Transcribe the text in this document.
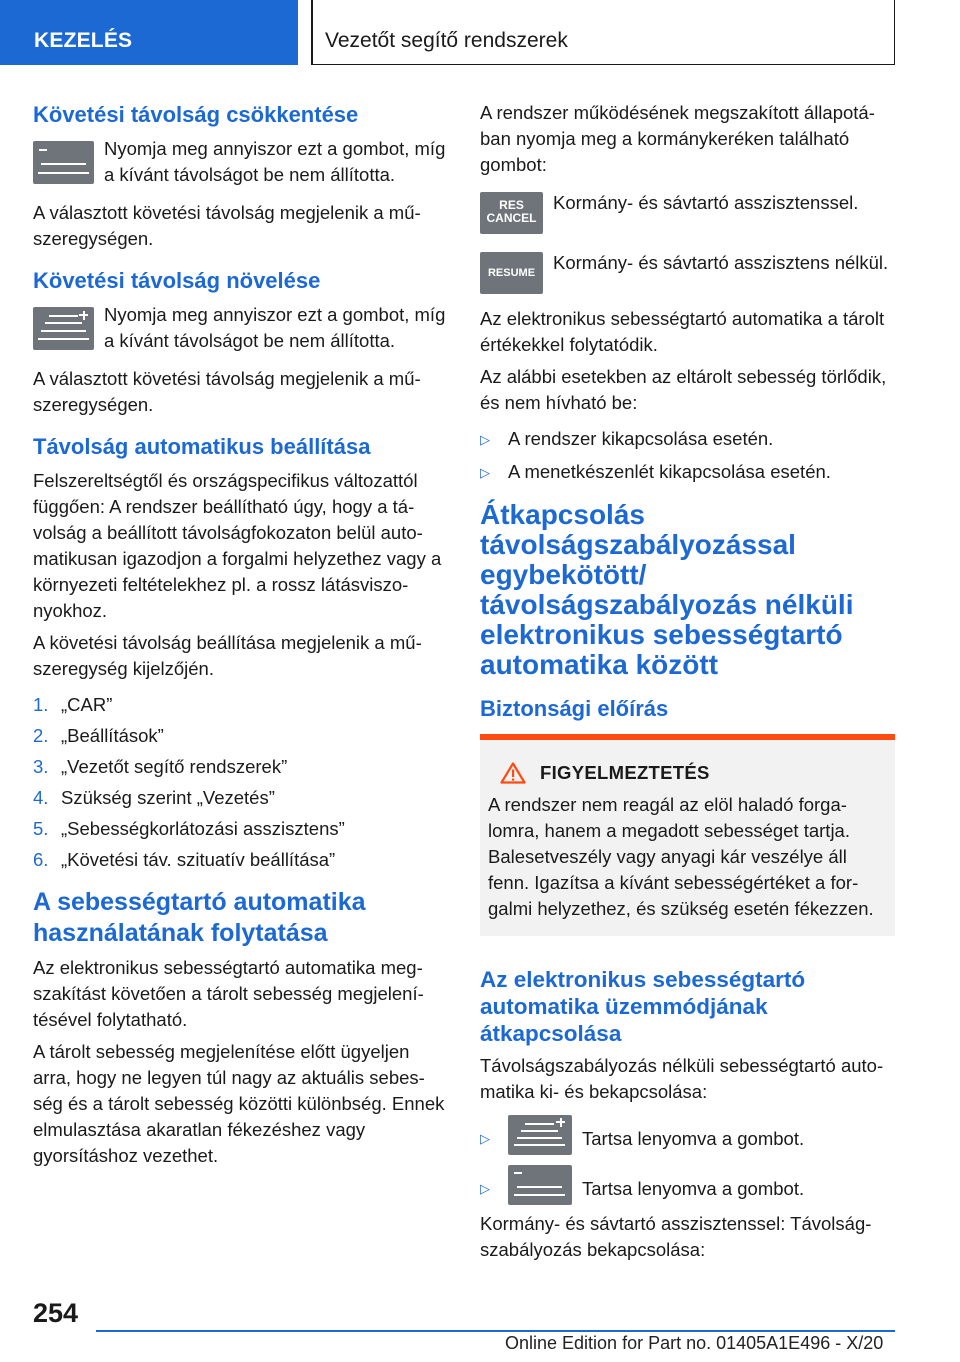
KEZELÉS	Vezetőt segítő rendszerek
Követési távolság csökkentése
Nyomja meg annyiszor ezt a gombot, míg a kívánt távolságot be nem állította.

A választott követési távolság megjelenik a műszeregységen.

Követési távolság növelése
Nyomja meg annyiszor ezt a gombot, míg a kívánt távolságot be nem állította.

A választott követési távolság megjelenik a műszeregységen.

Távolság automatikus beállítása

Felszereltségtől és országspecifikus változattól függően: A rendszer beállítható úgy, hogy a távolság a beállított távolságfokozaton belül automatikusan igazodjon a forgalmi helyzethez vagy a környezeti feltételekhez pl. a rossz látásviszonyokhoz.

A követési távolság beállítása megjelenik a műszeregység kijelzőjén.

1. „CAR”
2. „Beállítások”
3. „Vezetőt segítő rendszerek”
4. Szükség szerint „Vezetés”
5. „Sebességkorlátozási asszisztens”
6. „Követési táv. szituatív beállítása”
A sebességtartó automatika használatának folytatása

Az elektronikus sebességtartó automatika megszakítást követően a tárolt sebesség megjelenítésével folytatható.

A tárolt sebesség megjelenítése előtt ügyeljen arra, hogy ne legyen túl nagy az aktuális sebesség és a tárolt sebesség közötti különbség. Ennek elmulasztása akaratlan fékezéshez vagy gyorsításhoz vezethet.

A rendszer működésének megszakított állapotában nyomja meg a kormánykeréken található gombot:

RES
CANCEL
Kormány- és sávtartó asszisztenssel.
RESUME Kormány- és sávtartó asszisztens nélkül.

Az elektronikus sebességtartó automatika a tárolt értékekkel folytatódik.

Az alábbi esetekben az eltárolt sebesség törlődik, és nem hívható be:

▷ A rendszer kikapcsolása esetén.
▷ A menetkészenlét kikapcsolása esetén.
Átkapcsolás távolságszabályozással egybekötött/ távolságszabályozás nélküli elektronikus sebességtartó automatika között
Biztonsági előírás
FIGYELMEZTETÉS

A rendszer nem reagál az elöl haladó forgalomra, hanem a megadott sebességet tartja. Balesetveszély vagy anyagi kár veszélye áll fenn. Igazítsa a kívánt sebességértéket a forgalmi helyzethez, és szükség esetén fékezzen.

Az elektronikus sebességtartó automatika üzemmódjának átkapcsolása

Távolságszabályozás nélküli sebességtartó automatika ki- és bekapcsolása:

▷	Tartsa lenyomva a gombot.
▷	Tartsa lenyomva a gombot.

Kormány- és sávtartó asszisztenssel: Távolságszabályozás bekapcsolása:

254
Online Edition for Part no. 01405A1E496 - X/20
